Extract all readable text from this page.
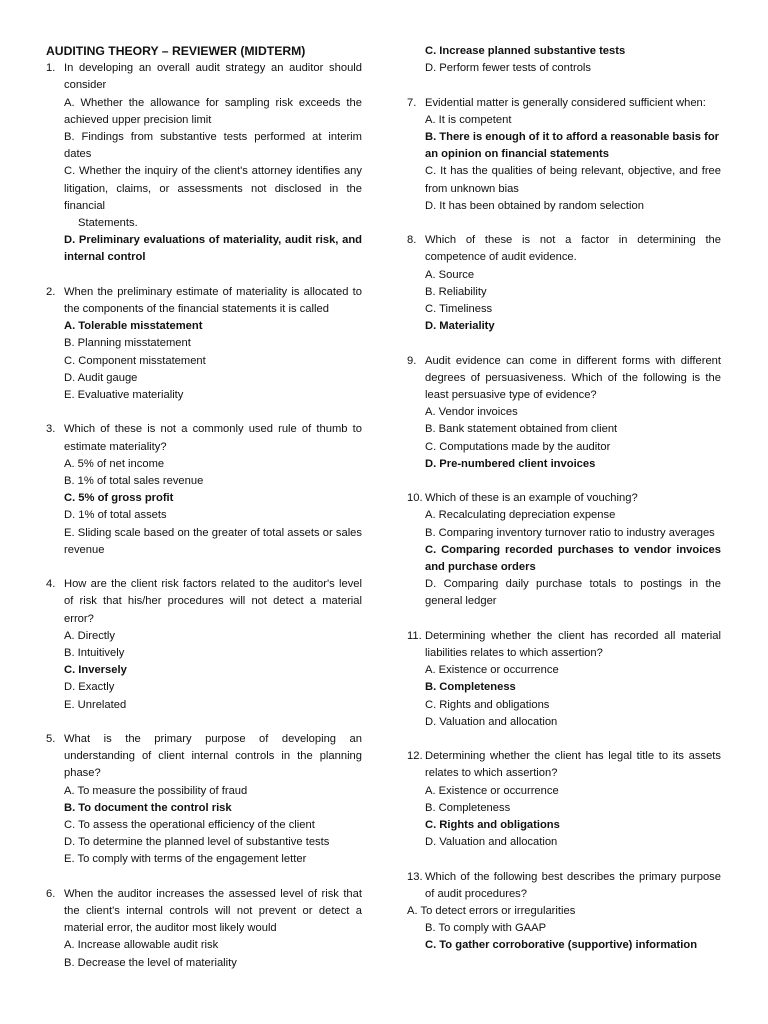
AUDITING THEORY – REVIEWER (MIDTERM)
1. In developing an overall audit strategy an auditor should consider
A. Whether the allowance for sampling risk exceeds the achieved upper precision limit
B. Findings from substantive tests performed at interim dates
C. Whether the inquiry of the client's attorney identifies any litigation, claims, or assessments not disclosed in the financial
Statements.
D. Preliminary evaluations of materiality, audit risk, and internal control
2. When the preliminary estimate of materiality is allocated to the components of the financial statements it is called
A. Tolerable misstatement
B. Planning misstatement
C. Component misstatement
D. Audit gauge
E. Evaluative materiality
3. Which of these is not a commonly used rule of thumb to estimate materiality?
A. 5% of net income
B. 1% of total sales revenue
C. 5% of gross profit
D. 1% of total assets
E. Sliding scale based on the greater of total assets or sales revenue
4. How are the client risk factors related to the auditor's level of risk that his/her procedures will not detect a material error?
A. Directly
B. Intuitively
C. Inversely
D. Exactly
E. Unrelated
5. What is the primary purpose of developing an understanding of client internal controls in the planning phase?
A. To measure the possibility of fraud
B. To document the control risk
C. To assess the operational efficiency of the client
D. To determine the planned level of substantive tests
E. To comply with terms of the engagement letter
6. When the auditor increases the assessed level of risk that the client's internal controls will not prevent or detect a material error, the auditor most likely would
A. Increase allowable audit risk
B. Decrease the level of materiality
C. Increase planned substantive tests
D. Perform fewer tests of controls
7. Evidential matter is generally considered sufficient when:
A. It is competent
B. There is enough of it to afford a reasonable basis for an opinion on financial statements
C. It has the qualities of being relevant, objective, and free from unknown bias
D. It has been obtained by random selection
8. Which of these is not a factor in determining the competence of audit evidence.
A. Source
B. Reliability
C. Timeliness
D. Materiality
9. Audit evidence can come in different forms with different degrees of persuasiveness. Which of the following is the least persuasive type of evidence?
A. Vendor invoices
B. Bank statement obtained from client
C. Computations made by the auditor
D. Pre-numbered client invoices
10. Which of these is an example of vouching?
A. Recalculating depreciation expense
B. Comparing inventory turnover ratio to industry averages
C. Comparing recorded purchases to vendor invoices and purchase orders
D. Comparing daily purchase totals to postings in the general ledger
11. Determining whether the client has recorded all material liabilities relates to which assertion?
A. Existence or occurrence
B. Completeness
C. Rights and obligations
D. Valuation and allocation
12. Determining whether the client has legal title to its assets relates to which assertion?
A. Existence or occurrence
B. Completeness
C. Rights and obligations
D. Valuation and allocation
13. Which of the following best describes the primary purpose of audit procedures?
A. To detect errors or irregularities
B. To comply with GAAP
C. To gather corroborative (supportive) information
